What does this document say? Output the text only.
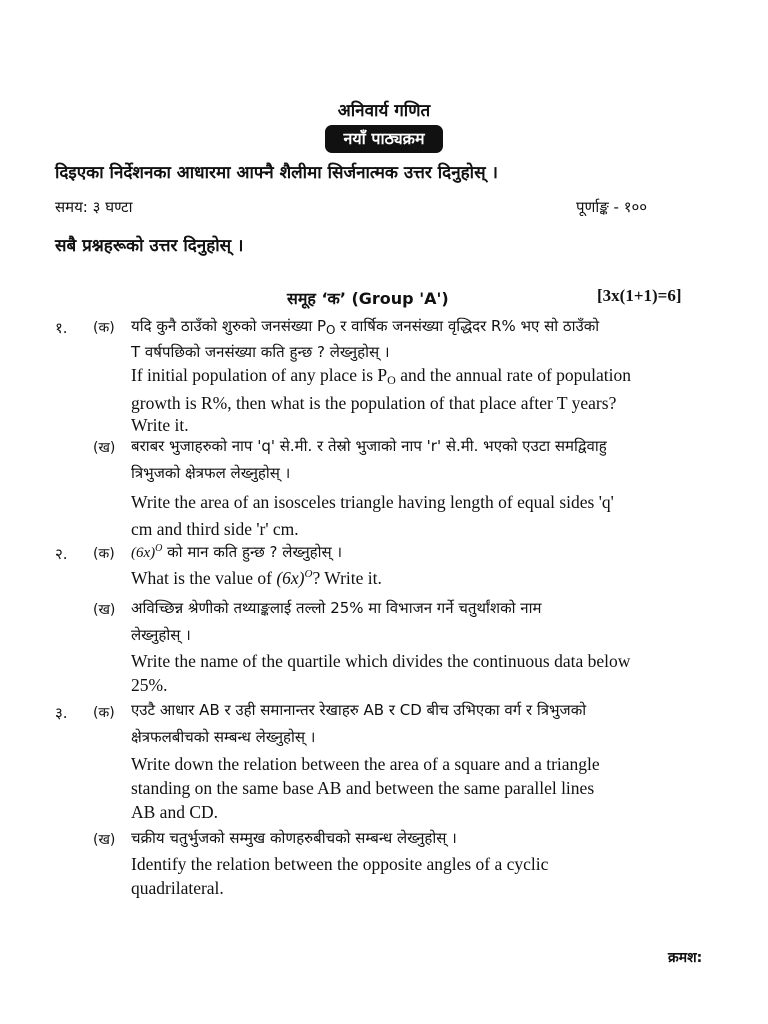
अनिवार्य गणित
नयाँ पाठ्यक्रम
दिइएका निर्देशनका आधारमा आफ्नै शैलीमा सिर्जनात्मक उत्तर दिनुहोस् ।
समय: ३ घण्टा	पूर्णाङ्क - १००
सबै प्रश्नहरूको उत्तर दिनुहोस् ।
समूह ‘क’ (Group 'A')	[3x(1+1)=6]
१. (क) यदि कुनै ठाउँको शुरुको जनसंख्या $P_O$ र वार्षिक जनसंख्या वृद्धिदर R% भए सो ठाउँको
T वर्षपछिको जनसंख्या कति हुन्छ ? लेख्नुहोस् ।
If initial population of any place is PO and the annual rate of population
growth is R%, then what is the population of that place after T years?
Write it.
(ख) बराबर भुजाहरुको नाप 'q' से.मी. र तेस्रो भुजाको नाप 'r' से.मी. भएको एउटा समद्विवाहु
त्रिभुजको क्षेत्रफल लेख्नुहोस् ।
Write the area of an isosceles triangle having length of equal sides 'q'
cm and third side 'r' cm.
२. (क) $(6x)^O$ को मान कति हुन्छ ? लेख्नुहोस् ।
What is the value of $(6x)^O$? Write it.
(ख) अविच्छिन्न श्रेणीको तथ्याङ्कलाई तल्लो 25% मा विभाजन गर्ने चतुर्थांशको नाम
लेख्नुहोस् ।
Write the name of the quartile which divides the continuous data below
25%.
३. (क) एउटै आधार AB र उही समानान्तर रेखाहरु AB र CD बीच उभिएका वर्ग र त्रिभुजको
क्षेत्रफलबीचको सम्बन्ध लेख्नुहोस् ।
Write down the relation between the area of a square and a triangle
standing on the same base AB and between the same parallel lines
AB and CD.
(ख) चक्रीय चतुर्भुजको सम्मुख कोणहरुबीचको सम्बन्ध लेख्नुहोस् ।
Identify the relation between the opposite angles of a cyclic
quadrilateral.
क्रमश:
